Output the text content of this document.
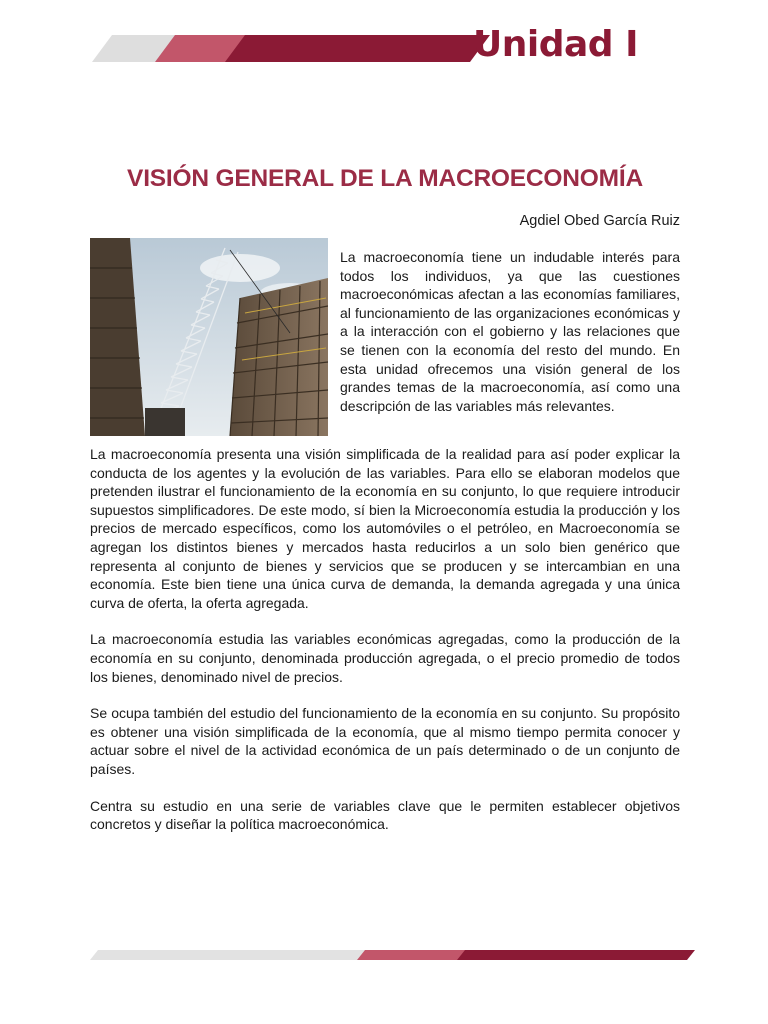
Unidad I
VISIÓN GENERAL DE LA MACROECONOMÍA
Agdiel Obed García Ruiz

La macroeconomía tiene un indudable interés para todos los individuos, ya que las cuestiones macroeconómicas afectan a las economías familiares, al funcionamiento de las organizaciones económicas y a la interacción con el gobierno y las relaciones que se tienen con la economía del resto del mundo. En esta unidad ofrecemos una visión general de los grandes temas de la macroeconomía, así como una descripción de las variables más relevantes.

La macroeconomía presenta una visión simplificada de la realidad para así poder explicar la conducta de los agentes y la evolución de las variables. Para ello se elaboran modelos que pretenden ilustrar el funcionamiento de la economía en su conjunto, lo que requiere introducir supuestos simplificadores. De este modo, sí bien la Microeconomía estudia la producción y los precios de mercado específicos, como los automóviles o el petróleo, en Macroeconomía se agregan los distintos bienes y mercados hasta reducirlos a un solo bien genérico que representa al conjunto de bienes y servicios que se producen y se intercambian en una economía. Este bien tiene una única curva de demanda, la demanda agregada y una única curva de oferta, la oferta agregada.

La macroeconomía estudia las variables económicas agregadas, como la producción de la economía en su conjunto, denominada producción agregada, o el precio promedio de todos los bienes, denominado nivel de precios.

Se ocupa también del estudio del funcionamiento de la economía en su conjunto. Su propósito es obtener una visión simplificada de la economía, que al mismo tiempo permita conocer y actuar sobre el nivel de la actividad económica de un país determinado o de un conjunto de países.

Centra su estudio en una serie de variables clave que le permiten establecer objetivos concretos y diseñar la política macroeconómica.
